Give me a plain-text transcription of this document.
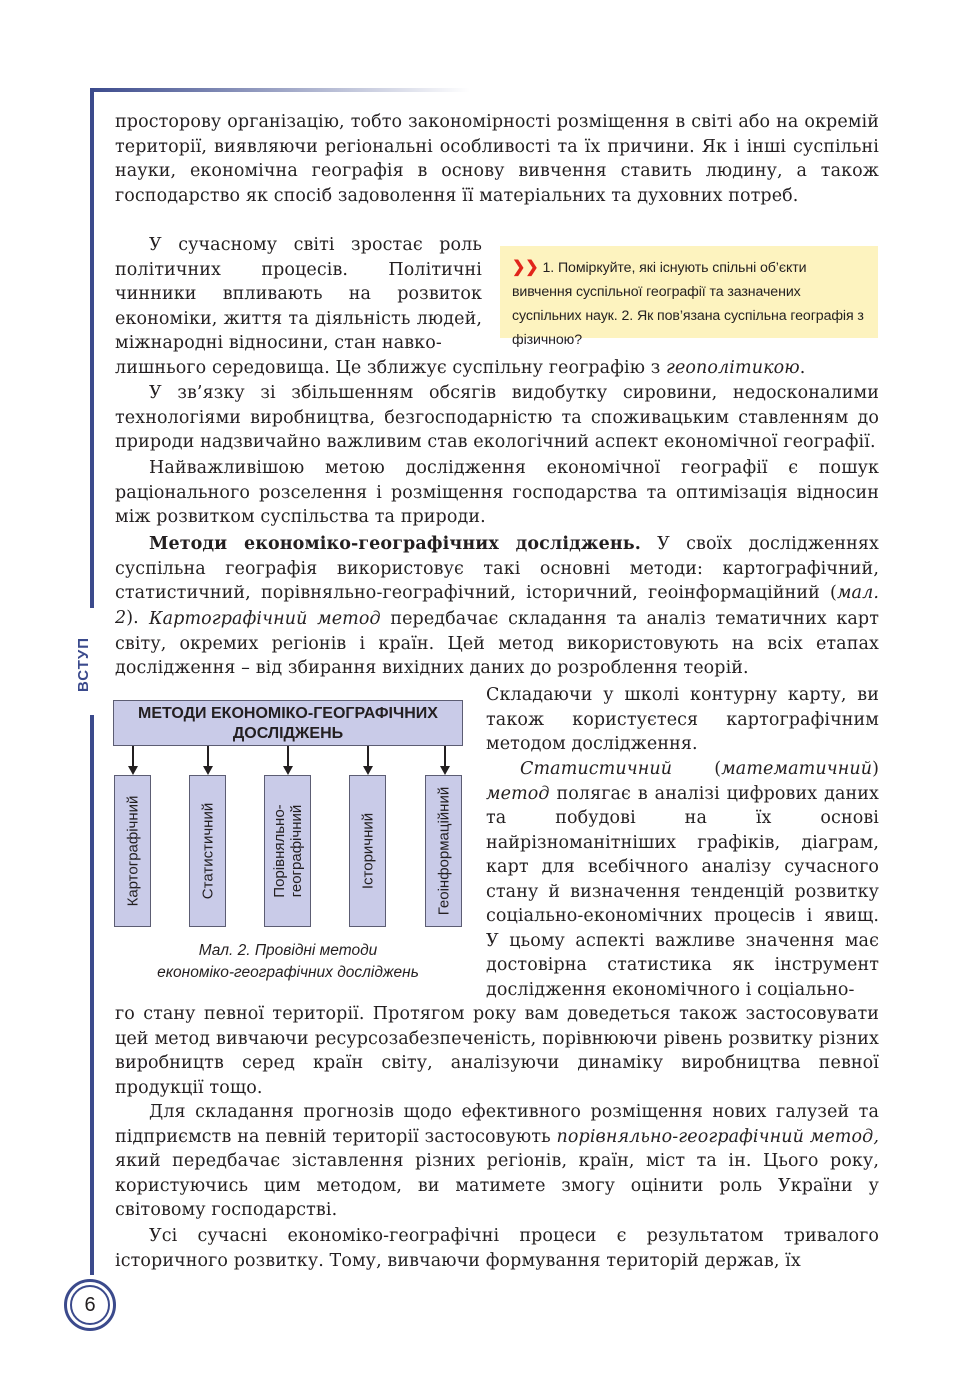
ВСТУП
6

просторову організацію, тобто закономірності розміщення в світі або на окремій території, виявляючи регіональні особливості та їх причини. Як і інші суспільні науки, економічна географія в основу вивчення ставить людину, а також господарство як спосіб задоволення її матеріальних та духовних потреб.

У сучасному світі зростає роль політичних процесів. Політичні чинники впливають на розвиток економіки, життя та діяльність людей, міжнародні відносини, стан навко-

лишнього середовища. Це зближує суспільну географію з геополітикою.

❯❯ 1. Поміркуйте, які існують спільні об’єкти вивчення суспільної географії та зазначених суспільних наук. 2. Як пов’язана суспільна географія з фізичною?

У зв’язку зі збільшенням обсягів видобутку сировини, недосконалими технологіями виробництва, безгосподарністю та споживацьким ставленням до природи надзвичайно важливим став екологічний аспект економічної географії.

Найважливішою метою дослідження економічної географії є пошук раціонального розселення і розміщення господарства та оптимізація відносин між розвитком суспільства та природи.

Методи економіко-географічних досліджень. У своїх дослідженнях суспільна географія використовує такі основні методи: картографічний, статистичний, порівняльно-географічний, історичний, геоінформаційний (мал. 2). Картографічний метод передбачає складання та аналіз тематичних карт світу, окремих регіонів і країн. Цей метод використовують на всіх етапах дослідження – від збирання вихідних даних до розроблення теорій.

Складаючи у школі контурну карту, ви також користуєтеся картографічним методом дослідження.

Статистичний (математичний) метод полягає в аналізі цифрових даних та побудові на їх основі найрізноманітніших графіків, діаграм, карт для всебічного аналізу сучасного стану й визначення тенденцій розвитку соціально-економічних процесів і явищ. У цьому аспекті важливе значення має достовірна статистика як інструмент дослідження економічного і соціально-

го стану певної території. Протягом року вам доведеться також застосовувати цей метод вивчаючи ресурсозабезпеченість, порівнюючи рівень розвитку різних виробництв серед країн світу, аналізуючи динаміку виробництва певної продукції тощо.

Для складання прогнозів щодо ефективного розміщення нових галузей та підприємств на певній території застосовують порівняльно-географічний метод, який передбачає зіставлення різних регіонів, країн, міст та ін. Цього року, користуючись цим методом, ви матимете змогу оцінити роль України у світовому господарстві.

Усі сучасні економіко-географічні процеси є результатом тривалого історичного розвитку. Тому, вивчаючи формування територій держав, їх

МЕТОДИ ЕКОНОМІКО-ГЕОГРАФІЧНИХ ДОСЛІДЖЕНЬ
Картографічний	Статистичний	Порівняльно-географічний	Історичний	Геоінформаційний
Мал. 2. Провідні методи
економіко-географічних досліджень
